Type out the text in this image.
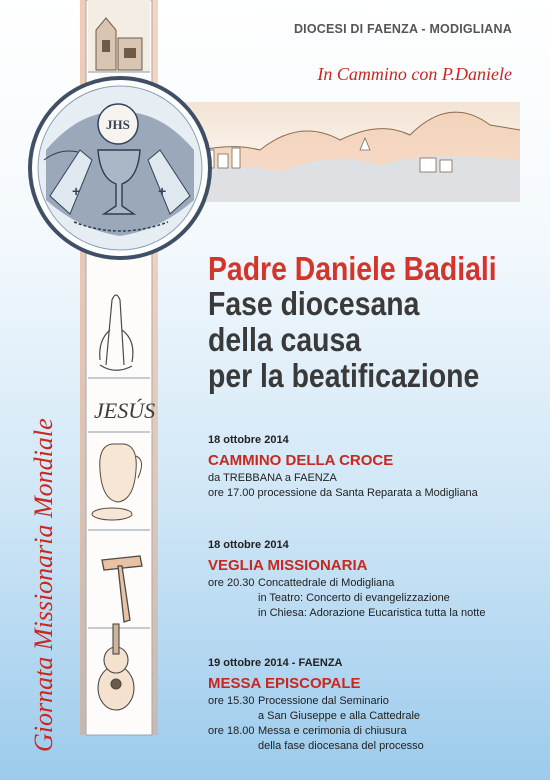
JESÚS
+	+
JHS
DIOCESI DI FAENZA - MODIGLIANA
In Cammino con P.Daniele
Padre Daniele Badiali
Fase diocesana
della causa
per la beatificazione
18 ottobre 2014
CAMMINO DELLA CROCE
da TREBBANA a FAENZA
ore 17.00 processione da Santa Reparata a Modigliana
18 ottobre 2014
VEGLIA MISSIONARIA
ore 20.30 Concattedrale di Modigliana
in Teatro: Concerto di evangelizzazione
in Chiesa: Adorazione Eucaristica tutta la notte
19 ottobre 2014 - FAENZA
MESSA EPISCOPALE
ore 15.30 Processione dal Seminario
a San Giuseppe e alla Cattedrale
ore 18.00 Messa e cerimonia di chiusura
della fase diocesana del processo
Giornata Missionaria Mondiale
